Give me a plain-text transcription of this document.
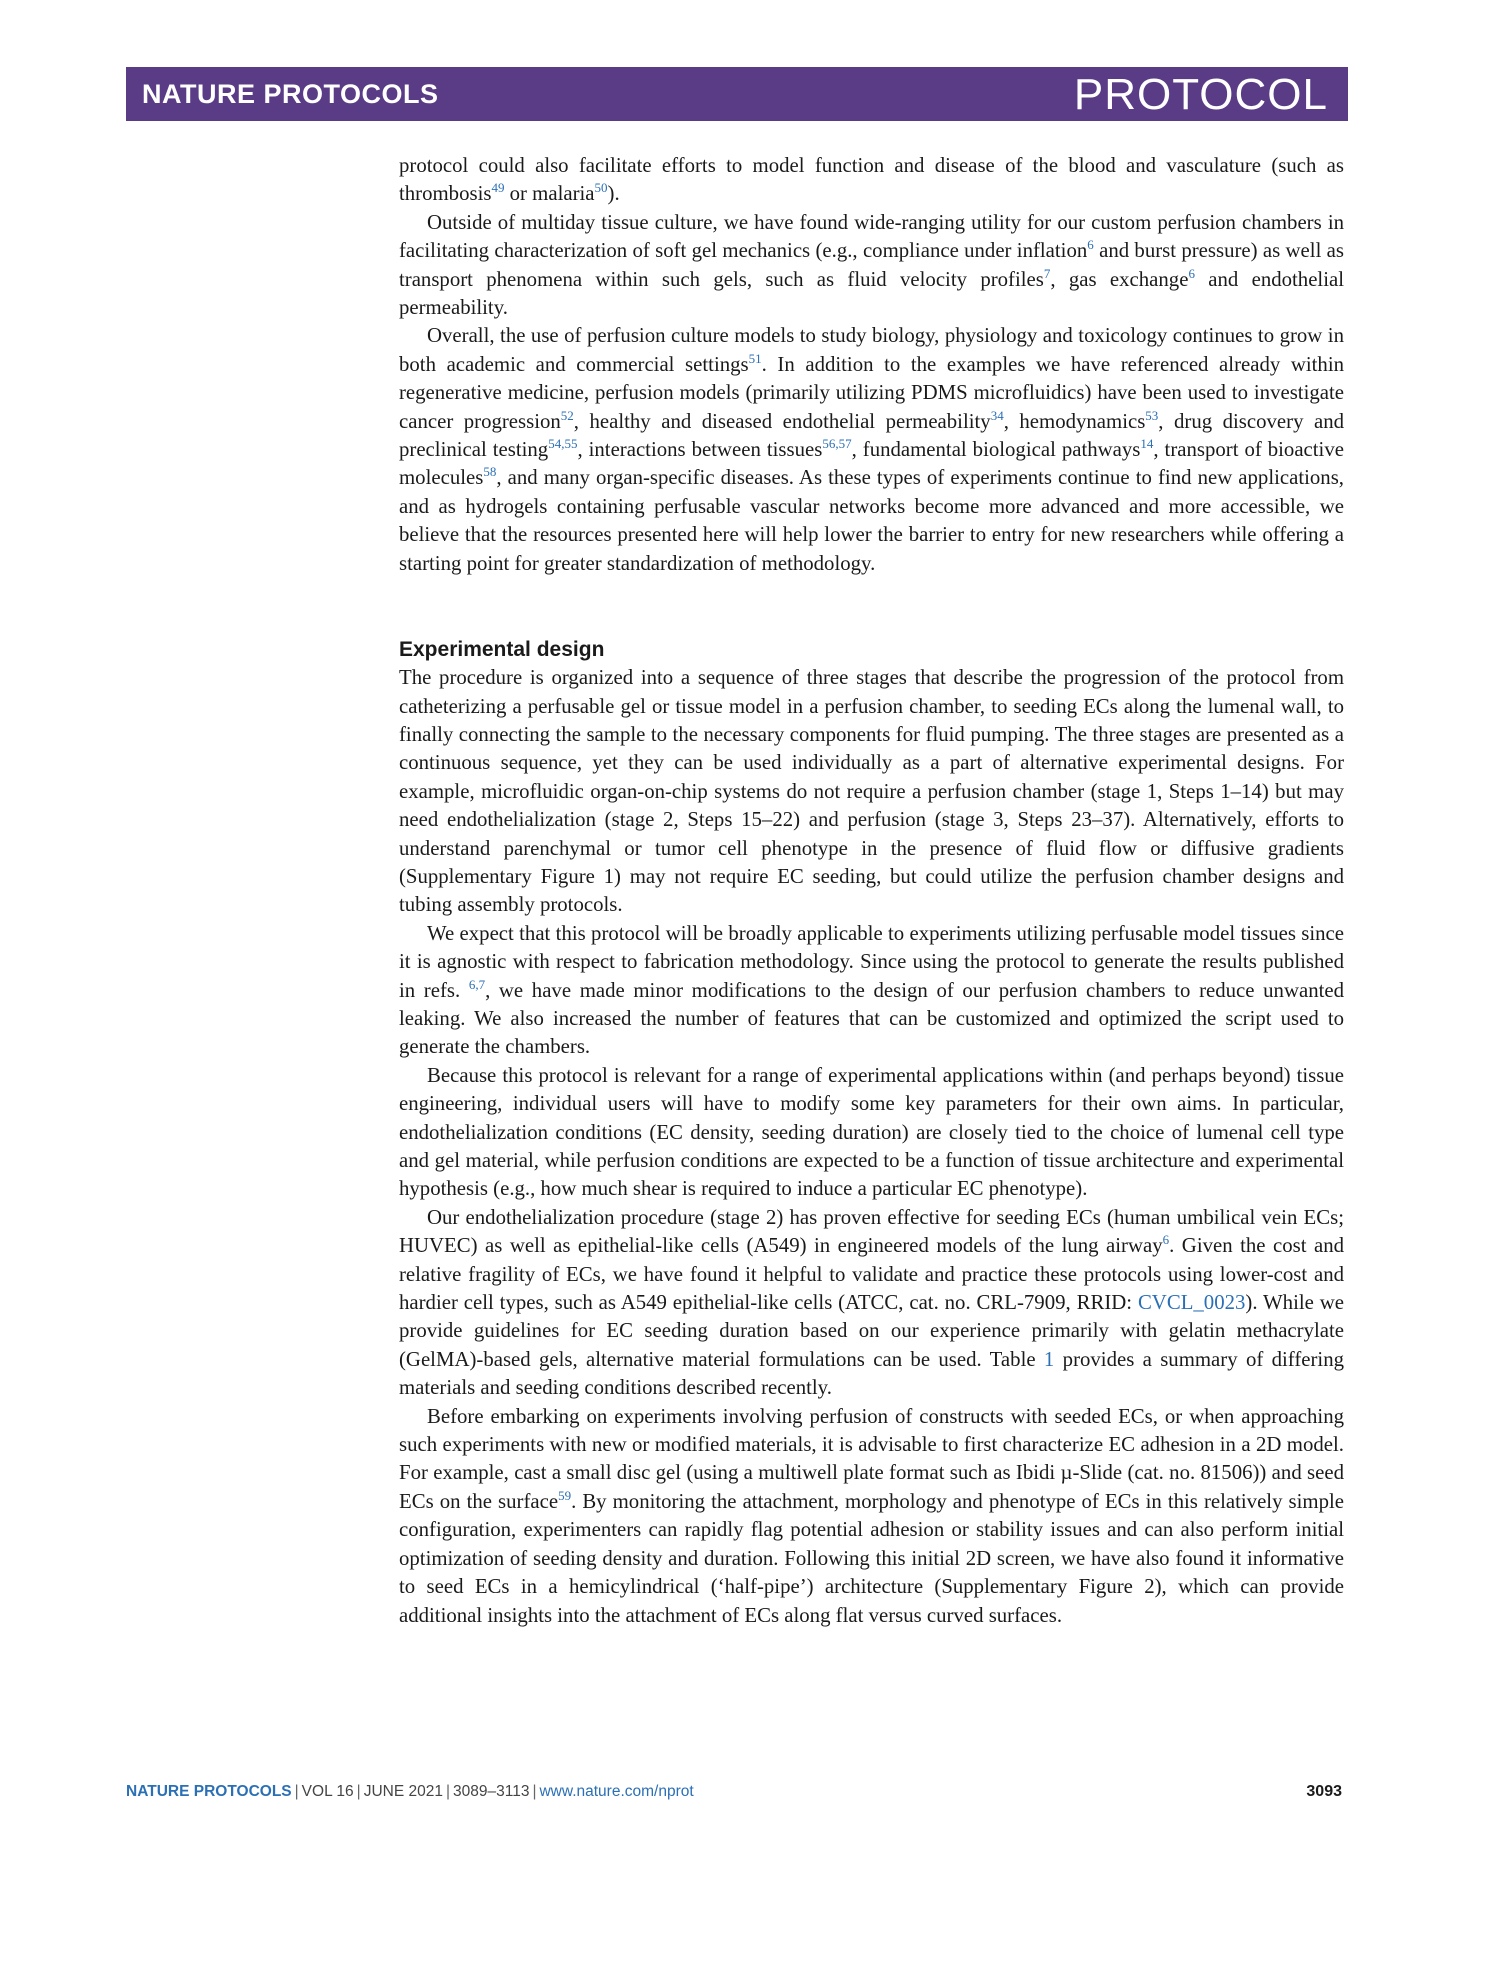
NATURE PROTOCOLS	PROTOCOL

protocol could also facilitate efforts to model function and disease of the blood and vasculature (such as thrombosis$^{49}$ or malaria$^{50}$).

Outside of multiday tissue culture, we have found wide-ranging utility for our custom perfusion chambers in facilitating characterization of soft gel mechanics (e.g., compliance under inflation$^6$ and burst pressure) as well as transport phenomena within such gels, such as fluid velocity profiles$^7$, gas exchange$^6$ and endothelial permeability.

Overall, the use of perfusion culture models to study biology, physiology and toxicology continues to grow in both academic and commercial settings$^{51}$. In addition to the examples we have referenced already within regenerative medicine, perfusion models (primarily utilizing PDMS microfluidics) have been used to investigate cancer progression$^{52}$, healthy and diseased endothelial permeability$^{34}$, hemodynamics$^{53}$, drug discovery and preclinical testing$^{54,55}$, interactions between tissues$^{56,57}$, fundamental biological pathways$^{14}$, transport of bioactive molecules$^{58}$, and many organ-specific diseases. As these types of experiments continue to find new applications, and as hydrogels containing perfusable vascular networks become more advanced and more accessible, we believe that the resources presented here will help lower the barrier to entry for new researchers while offering a starting point for greater standardization of methodology.

Experimental design

The procedure is organized into a sequence of three stages that describe the progression of the protocol from catheterizing a perfusable gel or tissue model in a perfusion chamber, to seeding ECs along the lumenal wall, to finally connecting the sample to the necessary components for fluid pumping. The three stages are presented as a continuous sequence, yet they can be used individually as a part of alternative experimental designs. For example, microfluidic organ-on-chip systems do not require a perfusion chamber (stage 1, Steps 1–14) but may need endothelialization (stage 2, Steps 15–22) and perfusion (stage 3, Steps 23–37). Alternatively, efforts to understand parenchymal or tumor cell phenotype in the presence of fluid flow or diffusive gradients (Supplementary Figure 1) may not require EC seeding, but could utilize the perfusion chamber designs and tubing assembly protocols.

We expect that this protocol will be broadly applicable to experiments utilizing perfusable model tissues since it is agnostic with respect to fabrication methodology. Since using the protocol to generate the results published in refs. $^{6,7}$, we have made minor modifications to the design of our perfusion chambers to reduce unwanted leaking. We also increased the number of features that can be customized and optimized the script used to generate the chambers.

Because this protocol is relevant for a range of experimental applications within (and perhaps beyond) tissue engineering, individual users will have to modify some key parameters for their own aims. In particular, endothelialization conditions (EC density, seeding duration) are closely tied to the choice of lumenal cell type and gel material, while perfusion conditions are expected to be a function of tissue architecture and experimental hypothesis (e.g., how much shear is required to induce a particular EC phenotype).

Our endothelialization procedure (stage 2) has proven effective for seeding ECs (human umbilical vein ECs; HUVEC) as well as epithelial-like cells (A549) in engineered models of the lung airway$^6$. Given the cost and relative fragility of ECs, we have found it helpful to validate and practice these protocols using lower-cost and hardier cell types, such as A549 epithelial-like cells (ATCC, cat. no. CRL-7909, RRID: CVCL_0023). While we provide guidelines for EC seeding duration based on our experience primarily with gelatin methacrylate (GelMA)-based gels, alternative material formulations can be used. Table 1 provides a summary of differing materials and seeding conditions described recently.

Before embarking on experiments involving perfusion of constructs with seeded ECs, or when approaching such experiments with new or modified materials, it is advisable to first characterize EC adhesion in a 2D model. For example, cast a small disc gel (using a multiwell plate format such as Ibidi µ-Slide (cat. no. 81506)) and seed ECs on the surface$^{59}$. By monitoring the attachment, morphology and phenotype of ECs in this relatively simple configuration, experimenters can rapidly flag potential adhesion or stability issues and can also perform initial optimization of seeding density and duration. Following this initial 2D screen, we have also found it informative to seed ECs in a hemicylindrical (‘half-pipe’) architecture (Supplementary Figure 2), which can provide additional insights into the attachment of ECs along flat versus curved surfaces.

NATURE PROTOCOLS | VOL 16 | JUNE 2021 | 3089–3113 | www.nature.com/nprot	3093
